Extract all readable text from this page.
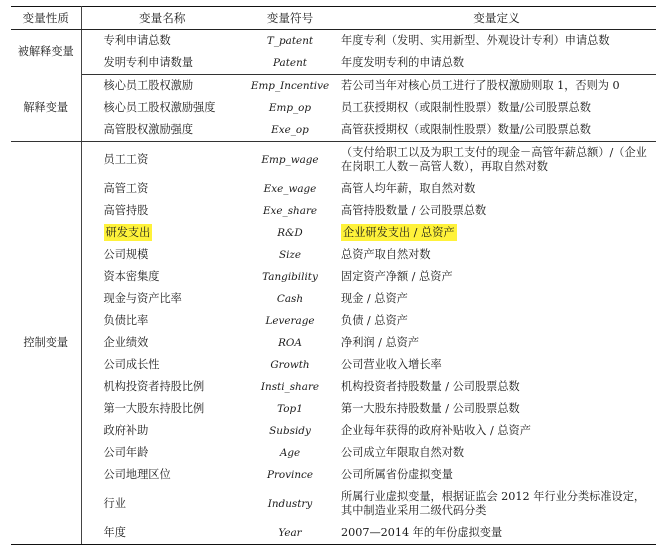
变量性质	变量名称	变量符号	变量定义
被解释变量	专利申请总数	T_patent	年度专利（发明、实用新型、外观设计专利）申请总数
	发明专利申请数量	Patent	年度发明专利的申请总数
解释变量	核心员工股权激励	Emp_Incentive	若公司当年对核心员工进行了股权激励则取 1，否则为 0
	核心员工股权激励强度	Emp_op	员工获授期权（或限制性股票）数量/公司股票总数
	高管股权激励强度	Exe_op	高管获授期权（或限制性股票）数量/公司股票总数
控制变量	员工工资	Emp_wage	（支付给职工以及为职工支付的现金－高管年薪总额）/（企业在岗职工人数－高管人数），再取自然对数
	高管工资	Exe_wage	高管人均年薪，取自然对数
	高管持股	Exe_share	高管持股数量 / 公司股票总数
	研发支出	R&D	企业研发支出 / 总资产
	公司规模	Size	总资产取自然对数
	资本密集度	Tangibility	固定资产净额 / 总资产
	现金与资产比率	Cash	现金 / 总资产
	负债比率	Leverage	负债 / 总资产
	企业绩效	ROA	净利润 / 总资产
	公司成长性	Growth	公司营业收入增长率
	机构投资者持股比例	Insti_share	机构投资者持股数量 / 公司股票总数
	第一大股东持股比例	Top1	第一大股东持股数量 / 公司股票总数
	政府补助	Subsidy	企业每年获得的政府补贴收入 / 总资产
	公司年龄	Age	公司成立年限取自然对数
	公司地理区位	Province	公司所属省份虚拟变量
	行业	Industry	所属行业虚拟变量，根据证监会 2012 年行业分类标准设定，其中制造业采用二级代码分类
	年度	Year	2007—2014 年的年份虚拟变量
